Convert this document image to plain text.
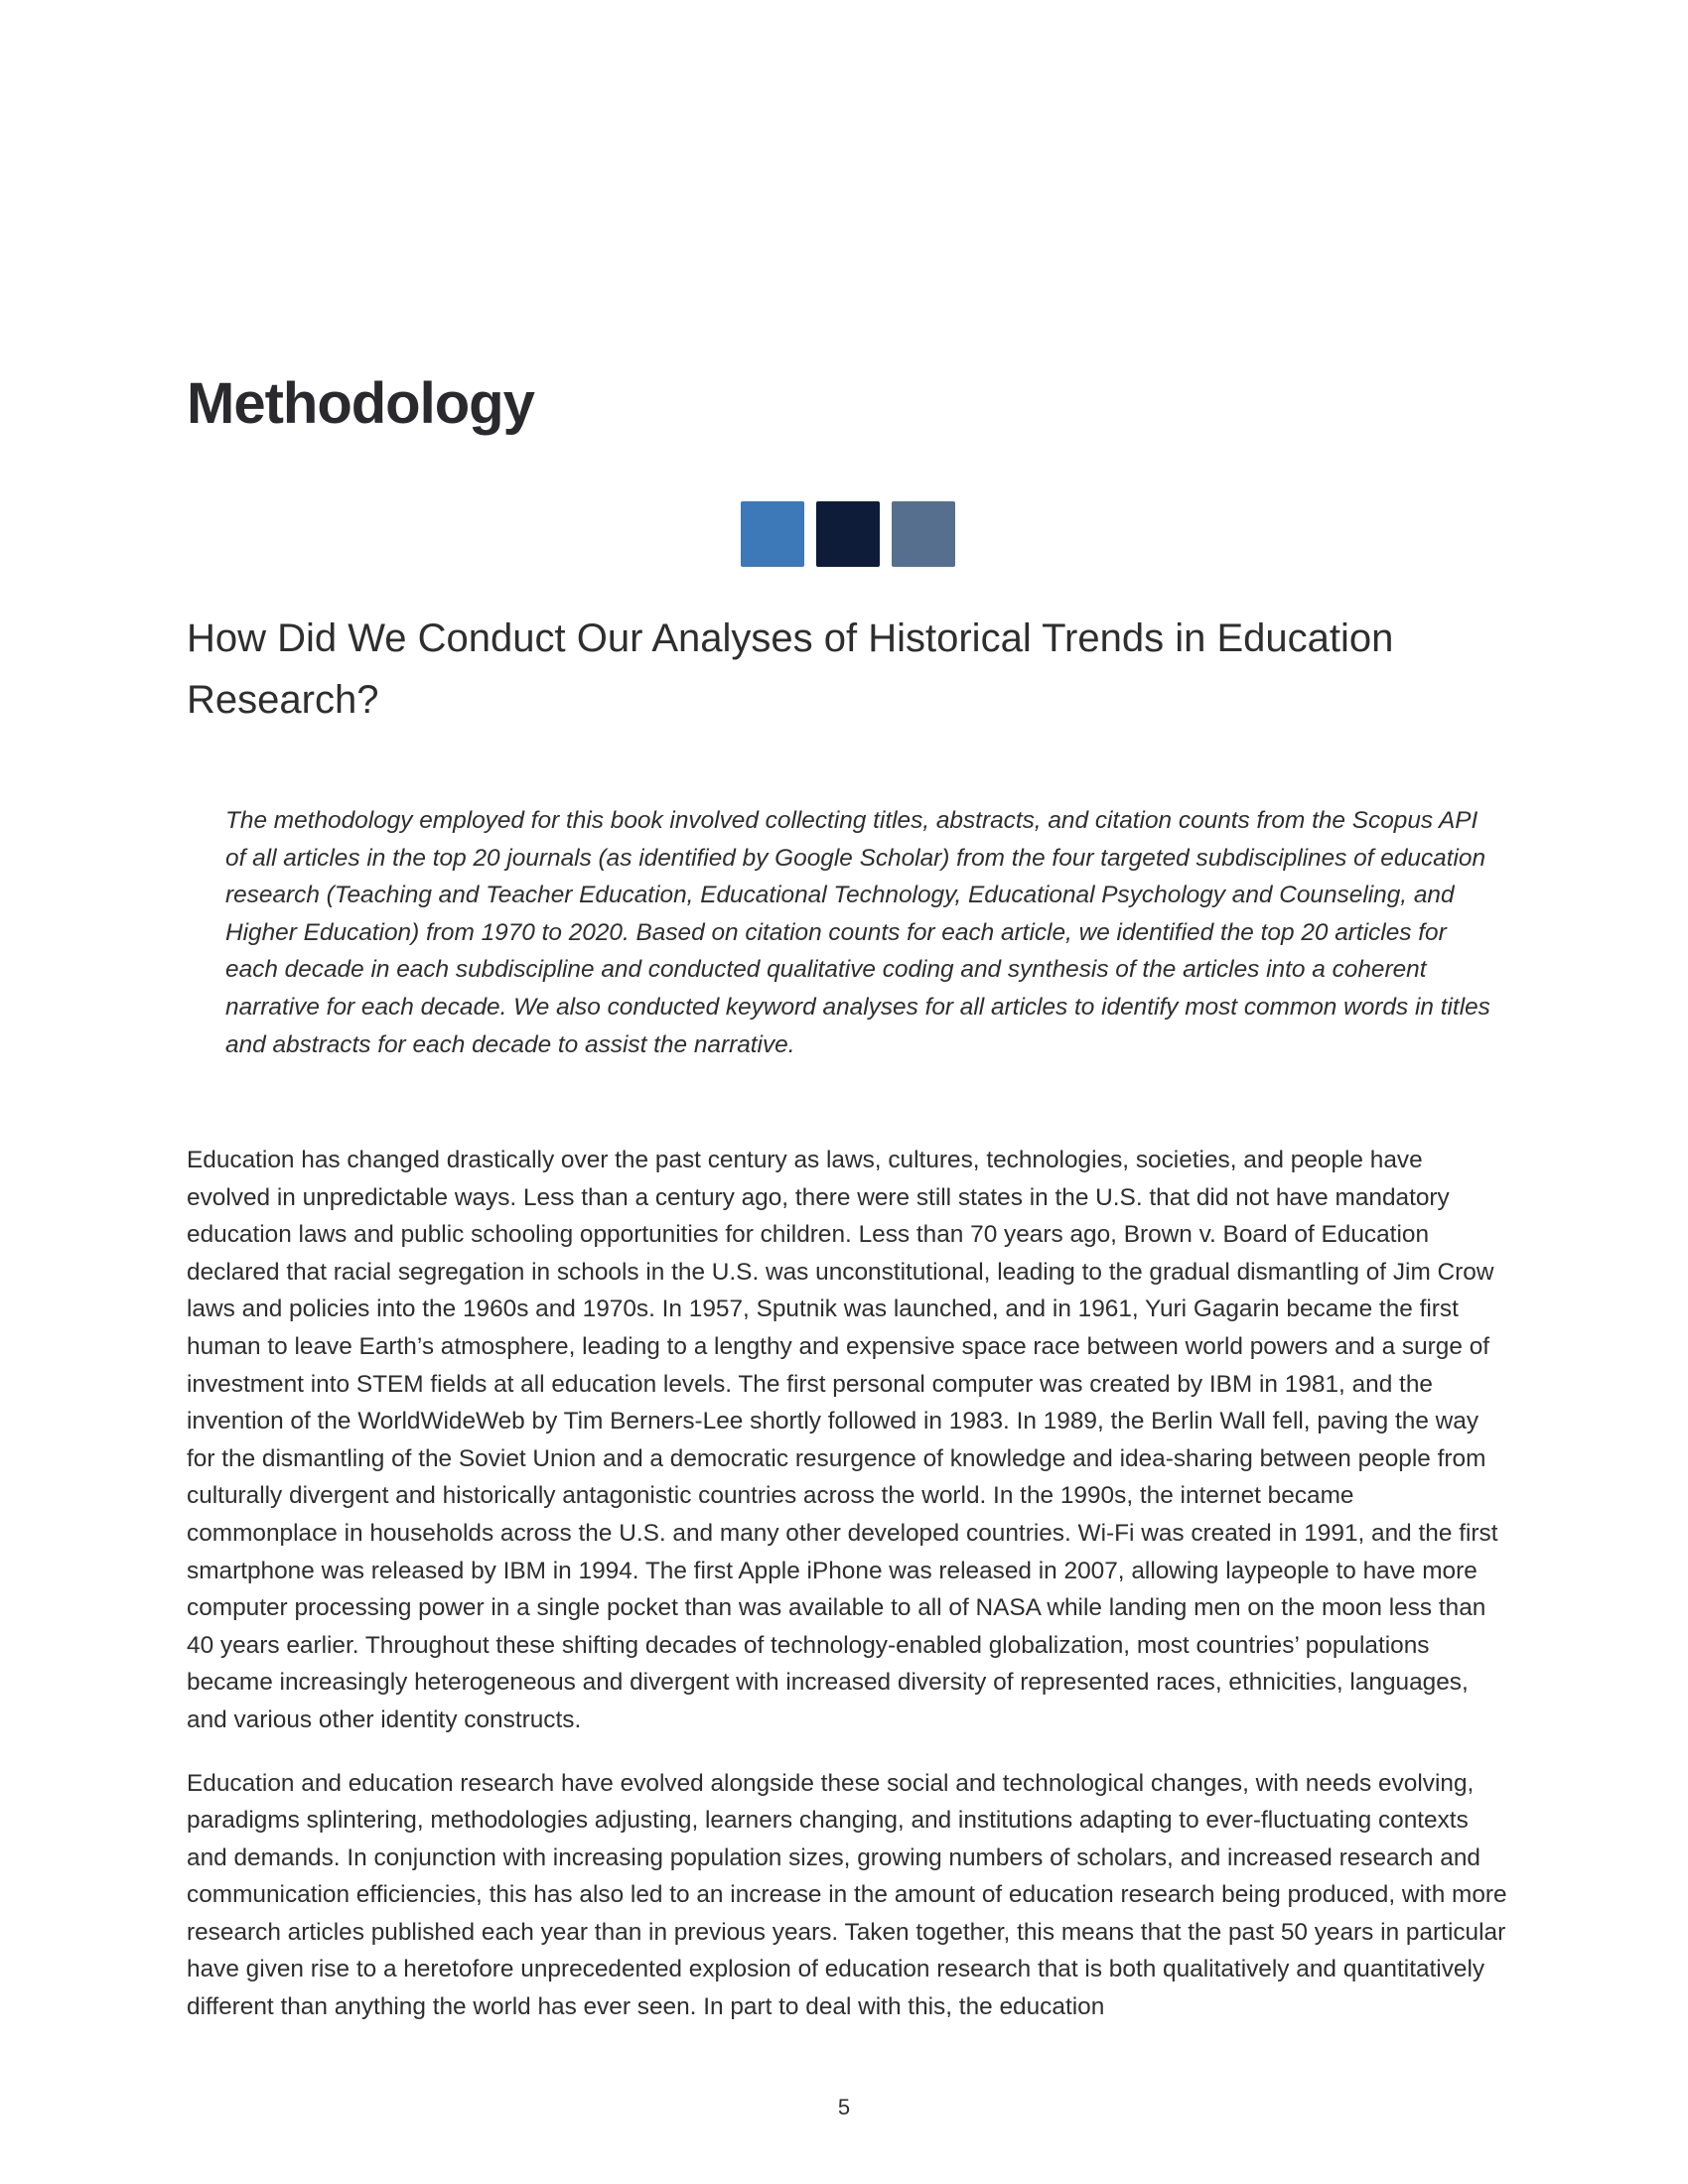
Methodology
How Did We Conduct Our Analyses of Historical Trends in Education Research?

The methodology employed for this book involved collecting titles, abstracts, and citation counts from the Scopus API of all articles in the top 20 journals (as identified by Google Scholar) from the four targeted subdisciplines of education research (Teaching and Teacher Education, Educational Technology, Educational Psychology and Counseling, and Higher Education) from 1970 to 2020. Based on citation counts for each article, we identified the top 20 articles for each decade in each subdiscipline and conducted qualitative coding and synthesis of the articles into a coherent narrative for each decade. We also conducted keyword analyses for all articles to identify most common words in titles and abstracts for each decade to assist the narrative.

Education has changed drastically over the past century as laws, cultures, technologies, societies, and people have evolved in unpredictable ways. Less than a century ago, there were still states in the U.S. that did not have mandatory education laws and public schooling opportunities for children. Less than 70 years ago, Brown v. Board of Education declared that racial segregation in schools in the U.S. was unconstitutional, leading to the gradual dismantling of Jim Crow laws and policies into the 1960s and 1970s. In 1957, Sputnik was launched, and in 1961, Yuri Gagarin became the first human to leave Earth’s atmosphere, leading to a lengthy and expensive space race between world powers and a surge of investment into STEM fields at all education levels. The first personal computer was created by IBM in 1981, and the invention of the WorldWideWeb by Tim Berners-Lee shortly followed in 1983. In 1989, the Berlin Wall fell, paving the way for the dismantling of the Soviet Union and a democratic resurgence of knowledge and idea-sharing between people from culturally divergent and historically antagonistic countries across the world. In the 1990s, the internet became commonplace in households across the U.S. and many other developed countries. Wi-Fi was created in 1991, and the first smartphone was released by IBM in 1994. The first Apple iPhone was released in 2007, allowing laypeople to have more computer processing power in a single pocket than was available to all of NASA while landing men on the moon less than 40 years earlier. Throughout these shifting decades of technology-enabled globalization, most countries’ populations became increasingly heterogeneous and divergent with increased diversity of represented races, ethnicities, languages, and various other identity constructs.

Education and education research have evolved alongside these social and technological changes, with needs evolving, paradigms splintering, methodologies adjusting, learners changing, and institutions adapting to ever-fluctuating contexts and demands. In conjunction with increasing population sizes, growing numbers of scholars, and increased research and communication efficiencies, this has also led to an increase in the amount of education research being produced, with more research articles published each year than in previous years. Taken together, this means that the past 50 years in particular have given rise to a heretofore unprecedented explosion of education research that is both qualitatively and quantitatively different than anything the world has ever seen. In part to deal with this, the education

5
